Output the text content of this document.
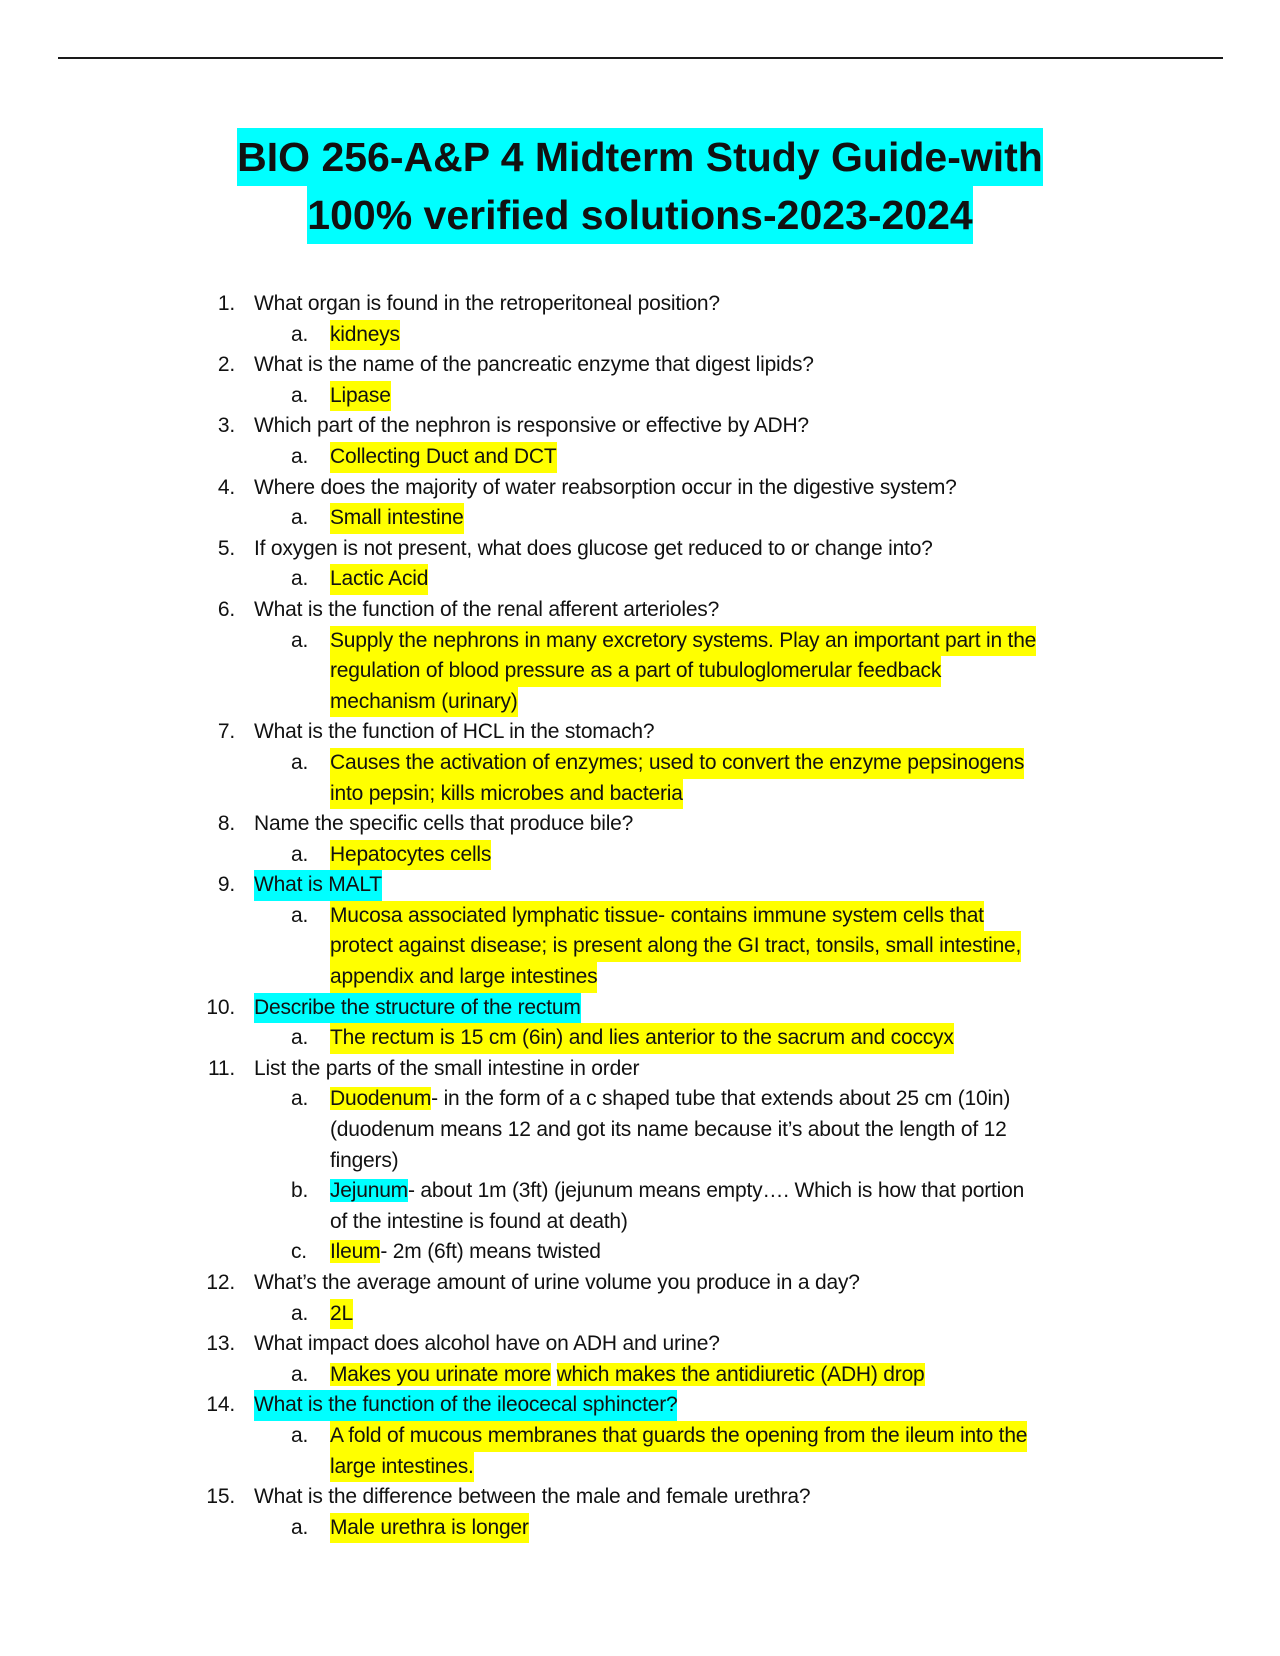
BIO 256-A&P 4 Midterm Study Guide-with
100% verified solutions-2023-2024
1. What organ is found in the retroperitoneal position?
a. kidneys
2. What is the name of the pancreatic enzyme that digest lipids?
a. Lipase
3. Which part of the nephron is responsive or effective by ADH?
a. Collecting Duct and DCT
4. Where does the majority of water reabsorption occur in the digestive system?
a. Small intestine
5. If oxygen is not present, what does glucose get reduced to or change into?
a. Lactic Acid
6. What is the function of the renal afferent arterioles?
a. Supply the nephrons in many excretory systems. Play an important part in the
regulation of blood pressure as a part of tubuloglomerular feedback
mechanism (urinary)
7. What is the function of HCL in the stomach?
a. Causes the activation of enzymes; used to convert the enzyme pepsinogens
into pepsin; kills microbes and bacteria
8. Name the specific cells that produce bile?
a. Hepatocytes cells
9. What is MALT
a. Mucosa associated lymphatic tissue- contains immune system cells that
protect against disease; is present along the GI tract, tonsils, small intestine,
appendix and large intestines
10. Describe the structure of the rectum
a. The rectum is 15 cm (6in) and lies anterior to the sacrum and coccyx
11. List the parts of the small intestine in order
a. Duodenum- in the form of a c shaped tube that extends about 25 cm (10in)
(duodenum means 12 and got its name because it’s about the length of 12
fingers)
b. Jejunum- about 1m (3ft) (jejunum means empty…. Which is how that portion
of the intestine is found at death)
c. Ileum- 2m (6ft) means twisted
12. What’s the average amount of urine volume you produce in a day?
a. 2L
13. What impact does alcohol have on ADH and urine?
a. Makes you urinate more which makes the antidiuretic (ADH) drop
14. What is the function of the ileocecal sphincter?
a. A fold of mucous membranes that guards the opening from the ileum into the
large intestines.
15. What is the difference between the male and female urethra?
a. Male urethra is longer
